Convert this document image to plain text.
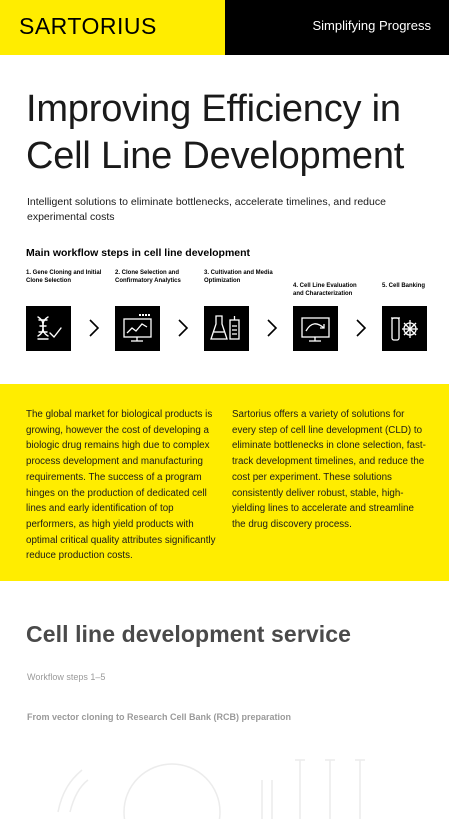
SARTORIUS	Simplifying Progress
Improving Efficiency in
Cell Line Development

Intelligent solutions to eliminate bottlenecks, accelerate timelines, and reduce experimental costs

Main workflow steps in cell line development
1. Gene Cloning and Initial Clone Selection
2. Clone Selection and Confirmatory Analytics
3. Cultivation and Media Optimization
4. Cell Line Evaluation and Characterization
5. Cell Banking

The global market for biological products is growing, however the cost of developing a biologic drug remains high due to complex process development and manufacturing requirements. The success of a program hinges on the production of dedicated cell lines and early identification of top performers, as high yield products with optimal critical quality attributes significantly reduce production costs.

Sartorius offers a variety of solutions for every step of cell line development (CLD) to eliminate bottlenecks in clone selection, fast-track development timelines, and reduce the cost per experiment. These solutions consistently deliver robust, stable, high-yielding lines to accelerate and streamline the drug discovery process.

Cell line development service
Workflow steps 1–5
From vector cloning to Research Cell Bank (RCB) preparation
